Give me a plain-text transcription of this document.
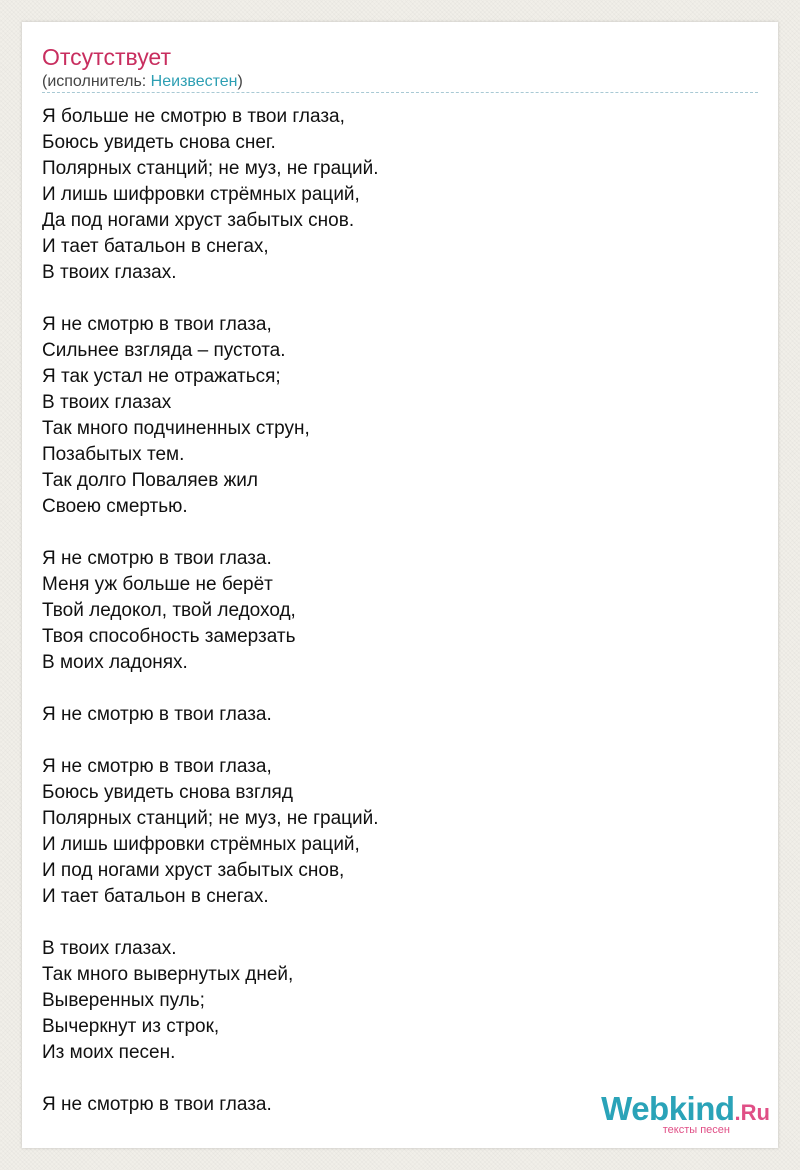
Отсутствует
(исполнитель: Неизвестен)
Я больше не смотрю в твои глаза,
Боюсь увидеть снова снег.
Полярных станций; не муз, не граций.
И лишь шифровки стрёмных раций,
Да под ногами хруст забытых снов.
И тает батальон в снегах,
В твоих глазах.
Я не смотрю в твои глаза,
Сильнее взгляда – пустота.
Я так устал не отражаться;
В твоих глазах
Так много подчиненных струн,
Позабытых тем.
Так долго Поваляев жил
Своею смертью.
Я не смотрю в твои глаза.
Меня уж больше не берёт
Твой ледокол, твой ледоход,
Твоя способность замерзать
В моих ладонях.
Я не смотрю в твои глаза.
Я не смотрю в твои глаза,
Боюсь увидеть снова взгляд
Полярных станций; не муз, не граций.
И лишь шифровки стрёмных раций,
И под ногами хруст забытых снов,
И тает батальон в снегах.
В твоих глазах.
Так много вывернутых дней,
Выверенных пуль;
Вычеркнут из строк,
Из моих песен.
Я не смотрю в твои глаза.	Webkind.Ru
тексты песен
